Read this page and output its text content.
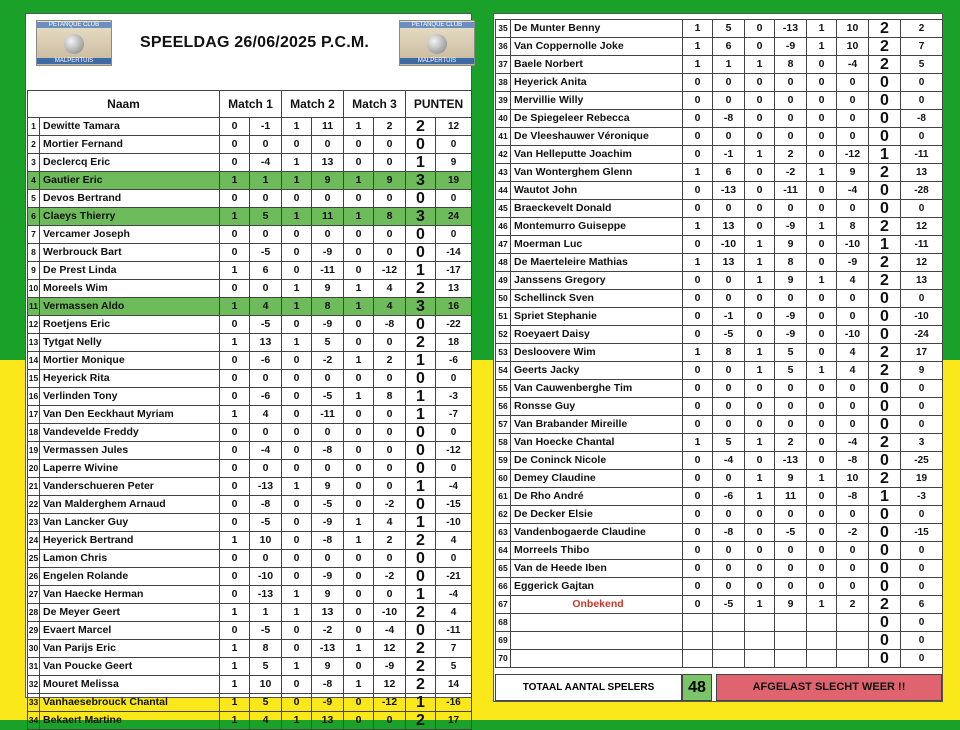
PETANQUE CLUB
MALPERTUIS
SPEELDAG 26/06/2025 P.C.M.
PETANQUE CLUB
MALPERTUIS
Naam		Match 1		Match 2		Match 3		PUNTEN	
1	Dewitte Tamara	0	-1	1	11	1	2	2	12
2	Mortier Fernand	0	0	0	0	0	0	0	0
3	Declercq Eric	0	-4	1	13	0	0	1	9
4	Gautier Eric	1	1	1	9	1	9	3	19
5	Devos Bertrand	0	0	0	0	0	0	0	0
6	Claeys Thierry	1	5	1	11	1	8	3	24
7	Vercamer Joseph	0	0	0	0	0	0	0	0
8	Werbrouck Bart	0	-5	0	-9	0	0	0	-14
9	De Prest Linda	1	6	0	-11	0	-12	1	-17
10	Moreels Wim	0	0	1	9	1	4	2	13
11	Vermassen Aldo	1	4	1	8	1	4	3	16
12	Roetjens Eric	0	-5	0	-9	0	-8	0	-22
13	Tytgat Nelly	1	13	1	5	0	0	2	18
14	Mortier Monique	0	-6	0	-2	1	2	1	-6
15	Heyerick Rita	0	0	0	0	0	0	0	0
16	Verlinden Tony	0	-6	0	-5	1	8	1	-3
17	Van Den Eeckhaut Myriam	1	4	0	-11	0	0	1	-7
18	Vandevelde Freddy	0	0	0	0	0	0	0	0
19	Vermassen Jules	0	-4	0	-8	0	0	0	-12
20	Laperre Wivine	0	0	0	0	0	0	0	0
21	Vanderschueren Peter	0	-13	1	9	0	0	1	-4
22	Van Malderghem Arnaud	0	-8	0	-5	0	-2	0	-15
23	Van Lancker Guy	0	-5	0	-9	1	4	1	-10
24	Heyerick Bertrand	1	10	0	-8	1	2	2	4
25	Lamon Chris	0	0	0	0	0	0	0	0
26	Engelen Rolande	0	-10	0	-9	0	-2	0	-21
27	Van Haecke Herman	0	-13	1	9	0	0	1	-4
28	De Meyer Geert	1	1	1	13	0	-10	2	4
29	Evaert Marcel	0	-5	0	-2	0	-4	0	-11
30	Van Parijs Eric	1	8	0	-13	1	12	2	7
31	Van Poucke Geert	1	5	1	9	0	-9	2	5
32	Mouret Melissa	1	10	0	-8	1	12	2	14
33	Vanhaesebrouck Chantal	1	5	0	-9	0	-12	1	-16
34	Bekaert Martine	1	4	1	13	0	0	2	17
35	De Munter Benny	1	5	0	-13	1	10	2	2
36	Van Coppernolle Joke	1	6	0	-9	1	10	2	7
37	Baele Norbert	1	1	1	8	0	-4	2	5
38	Heyerick Anita	0	0	0	0	0	0	0	0
39	Mervillie Willy	0	0	0	0	0	0	0	0
40	De Spiegeleer Rebecca	0	-8	0	0	0	0	0	-8
41	De Vleeshauwer Véronique	0	0	0	0	0	0	0	0
42	Van Helleputte Joachim	0	-1	1	2	0	-12	1	-11
43	Van Wonterghem Glenn	1	6	0	-2	1	9	2	13
44	Wautot John	0	-13	0	-11	0	-4	0	-28
45	Braeckevelt Donald	0	0	0	0	0	0	0	0
46	Montemurro Guiseppe	1	13	0	-9	1	8	2	12
47	Moerman Luc	0	-10	1	9	0	-10	1	-11
48	De Maerteleire Mathias	1	13	1	8	0	-9	2	12
49	Janssens Gregory	0	0	1	9	1	4	2	13
50	Schellinck Sven	0	0	0	0	0	0	0	0
51	Spriet Stephanie	0	-1	0	-9	0	0	0	-10
52	Roeyaert Daisy	0	-5	0	-9	0	-10	0	-24
53	Desloovere Wim	1	8	1	5	0	4	2	17
54	Geerts Jacky	0	0	1	5	1	4	2	9
55	Van Cauwenberghe Tim	0	0	0	0	0	0	0	0
56	Ronsse Guy	0	0	0	0	0	0	0	0
57	Van Brabander Mireille	0	0	0	0	0	0	0	0
58	Van Hoecke Chantal	1	5	1	2	0	-4	2	3
59	De Coninck Nicole	0	-4	0	-13	0	-8	0	-25
60	Demey Claudine	0	0	1	9	1	10	2	19
61	De Rho André	0	-6	1	11	0	-8	1	-3
62	De Decker Elsie	0	0	0	0	0	0	0	0
63	Vandenbogaerde Claudine	0	-8	0	-5	0	-2	0	-15
64	Morreels Thibo	0	0	0	0	0	0	0	0
65	Van de Heede Iben	0	0	0	0	0	0	0	0
66	Eggerick Gajtan	0	0	0	0	0	0	0	0
67	Onbekend	0	-5	1	9	1	2	2	6
68								0	0
69								0	0
70								0	0
TOTAAL AANTAL SPELERS	48	AFGELAST SLECHT WEER !!
